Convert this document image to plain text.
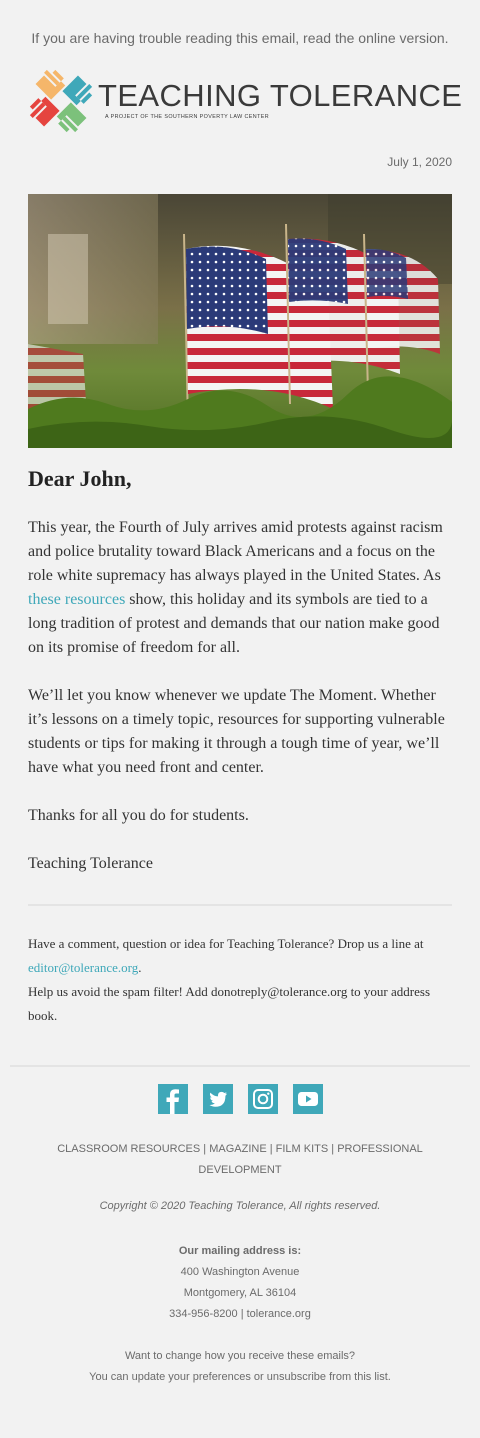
If you are having trouble reading this email, read the online version.
TEACHING TOLERANCE
A PROJECT OF THE SOUTHERN POVERTY LAW CENTER
July 1, 2020
Dear John,

This year, the Fourth of July arrives amid protests against racism and police brutality toward Black Americans and a focus on the role white supremacy has always played in the United States. As these resources show, this holiday and its symbols are tied to a long tradition of protest and demands that our nation make good on its promise of freedom for all.

We’ll let you know whenever we update The Moment. Whether it’s lessons on a timely topic, resources for supporting vulnerable students or tips for making it through a tough time of year, we’ll have what you need front and center.

Thanks for all you do for students.

Teaching Tolerance

Have a comment, question or idea for Teaching Tolerance? Drop us a line at editor@tolerance.org.

Help us avoid the spam filter! Add donotreply@tolerance.org to your address book.

CLASSROOM RESOURCES | MAGAZINE | FILM KITS | PROFESSIONAL DEVELOPMENT
Copyright © 2020 Teaching Tolerance, All rights reserved.
Our mailing address is:
400 Washington Avenue
Montgomery, AL 36104
334-956-8200 | tolerance.org
Want to change how you receive these emails?
You can update your preferences or unsubscribe from this list.
